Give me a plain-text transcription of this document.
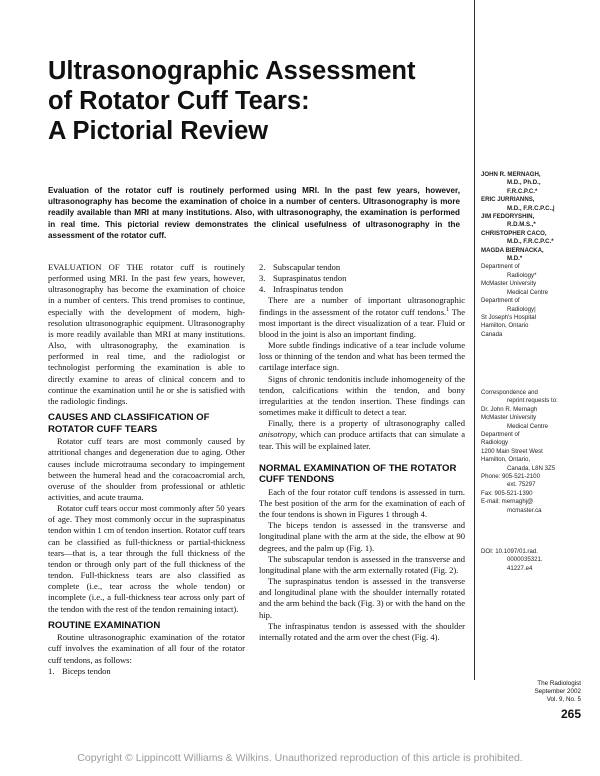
Ultrasonographic Assessment
of Rotator Cuff Tears:
A Pictorial Review
Evaluation of the rotator cuff is routinely performed using MRI. In the past few years, however, ultrasonography has become the examination of choice in a number of centers. Ultrasonography is more readily available than MRI at many institutions. Also, with ultrasonography, the examination is performed in real time. This pictorial review demonstrates the clinical usefulness of ultrasonography in the assessment of the rotator cuff.

EVALUATION OF THE rotator cuff is routinely performed using MRI. In the past few years, however, ultrasonography has become the examination of choice in a number of centers. This trend promises to continue, especially with the development of modern, high-resolution ultrasonographic equipment. Ultrasonography is more readily available than MRI at many institutions. Also, with ultrasonography, the examination is performed in real time, and the radiologist or technologist performing the examination is able to directly examine to areas of clinical concern and to continue the examination until he or she is satisfied with the radiologic findings.

CAUSES AND CLASSIFICATION OF ROTATOR CUFF TEARS

Rotator cuff tears are most commonly caused by attritional changes and degeneration due to aging. Other causes include microtrauma secondary to impingement between the humeral head and the coracoacromial arch, overuse of the shoulder from professional or athletic activities, and acute trauma.

Rotator cuff tears occur most commonly after 50 years of age. They most commonly occur in the supraspinatus tendon within 1 cm of tendon insertion. Rotator cuff tears can be classified as full-thickness or partial-thickness tears—that is, a tear through the full thickness of the tendon or through only part of the full thickness of the tendon. Full-thickness tears are also classified as complete (i.e., tear across the whole tendon) or incomplete (i.e., a full-thickness tear across only part of the tendon with the rest of the tendon remaining intact).

ROUTINE EXAMINATION

Routine ultrasonographic examination of the rotator cuff involves the examination of all four of the rotator cuff tendons, as follows:

1. Biceps tendon
2. Subscapular tendon
3. Supraspinatus tendon
4. Infraspinatus tendon

There are a number of important ultrasonographic findings in the assessment of the rotator cuff tendons.$^1$ The most important is the direct visualization of a tear. Fluid or blood in the joint is also an important finding.

More subtle findings indicative of a tear include volume loss or thinning of the tendon and what has been termed the cartilage interface sign.

Signs of chronic tendonitis include inhomogeneity of the tendon, calcifications within the tendon, and bony irregularities at the tendon insertion. These findings can sometimes make it difficult to detect a tear.

Finally, there is a property of ultrasonography called anisotropy, which can produce artifacts that can simulate a tear. This will be explained later.

NORMAL EXAMINATION OF THE ROTATOR CUFF TENDONS

Each of the four rotator cuff tendons is assessed in turn. The best position of the arm for the examination of each of the four tendons is shown in Figures 1 through 4.

The biceps tendon is assessed in the transverse and longitudinal plane with the arm at the side, the elbow at 90 degrees, and the palm up (Fig. 1).

The subscapular tendon is assessed in the transverse and longitudinal plane with the arm externally rotated (Fig. 2).

The supraspinatus tendon is assessed in the transverse and longitudinal plane with the shoulder internally rotated and the arm behind the back (Fig. 3) or with the hand on the hip.

The infraspinatus tendon is assessed with the shoulder internally rotated and the arm over the chest (Fig. 4).

JOHN R. MERNAGH,
M.D., Ph.D.,
F.R.C.P.C.*
ERIC JURRIANNS,
M.D., F.R.C.P.C.,|
JIM FEDORYSHIN,
R.D.M.S.,*
CHRISTOPHER CACO,
M.D., F.R.C.P.C.*
MAGDA BIERNACKA,
M.D.*
Department of
Radiology*
McMaster University
Medical Centre
Department of
Radiology|
St Joseph's Hospital
Hamilton, Ontario
Canada
Correspondence and
reprint requests to:
Dr. John R. Mernagh
McMaster University
Medical Centre
Department of
Radiology
1200 Main Street West
Hamilton, Ontario,
Canada, L8N 3Z5
Phone: 905-521-2100
ext. 75297
Fax: 905-521-1390
E-mail: mernaghj@
mcmaster.ca
DOI: 10.1097/01.rad.
0000035321.
41227.e4
The Radiologist
September 2002
Vol. 9, No. 5
265
Copyright © Lippincott Williams & Wilkins. Unauthorized reproduction of this article is prohibited.
